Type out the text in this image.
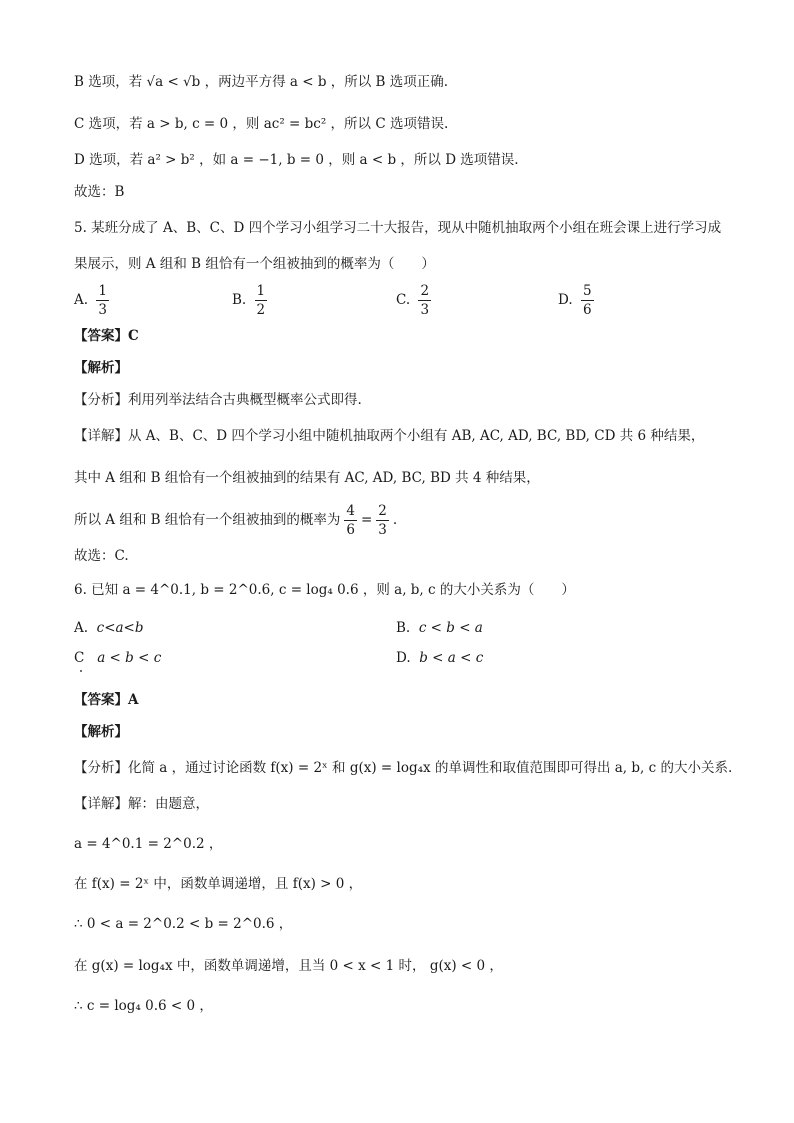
B 选项，若 √a < √b ，两边平方得 a < b ，所以 B 选项正确.
C 选项，若 a > b, c = 0 ，则 ac² = bc² ，所以 C 选项错误.
D 选项，若 a² > b² ，如 a = −1, b = 0 ，则 a < b ，所以 D 选项错误.
故选：B
5. 某班分成了 A、B、C、D 四个学习小组学习二十大报告，现从中随机抽取两个小组在班会课上进行学习成
果展示，则 A 组和 B 组恰有一个组被抽到的概率为（　　）
A. $\frac{1}{3}$	B. $\frac{1}{2}$	C. $\frac{2}{3}$	D. $\frac{5}{6}$
【答案】C
【解析】
【分析】利用列举法结合古典概型概率公式即得.
【详解】从 A、B、C、D 四个学习小组中随机抽取两个小组有 AB, AC, AD, BC, BD, CD 共 6 种结果，
其中 A 组和 B 组恰有一个组被抽到的结果有 AC, AD, BC, BD 共 4 种结果，
所以 A 组和 B 组恰有一个组被抽到的概率为 $\frac{4}{6} = \frac{2}{3}$ .
故选：C.
6. 已知 a = 4^0.1, b = 2^0.6, c = log₄ 0.6 ，则 a, b, c 的大小关系为（　　）
A. c<a<b	B. c < b < a
C a < b < c	D. b < a < c
【答案】A
【解析】
【分析】化简 a ，通过讨论函数 f(x) = 2ˣ 和 g(x) = log₄x 的单调性和取值范围即可得出 a, b, c 的大小关系.
【详解】解：由题意，
a = 4^0.1 = 2^0.2 ，
在 f(x) = 2ˣ 中，函数单调递增，且 f(x) > 0 ，
∴ 0 < a = 2^0.2 < b = 2^0.6 ，
在 g(x) = log₄x 中，函数单调递增，且当 0 < x < 1 时， g(x) < 0 ，
∴ c = log₄ 0.6 < 0 ，
